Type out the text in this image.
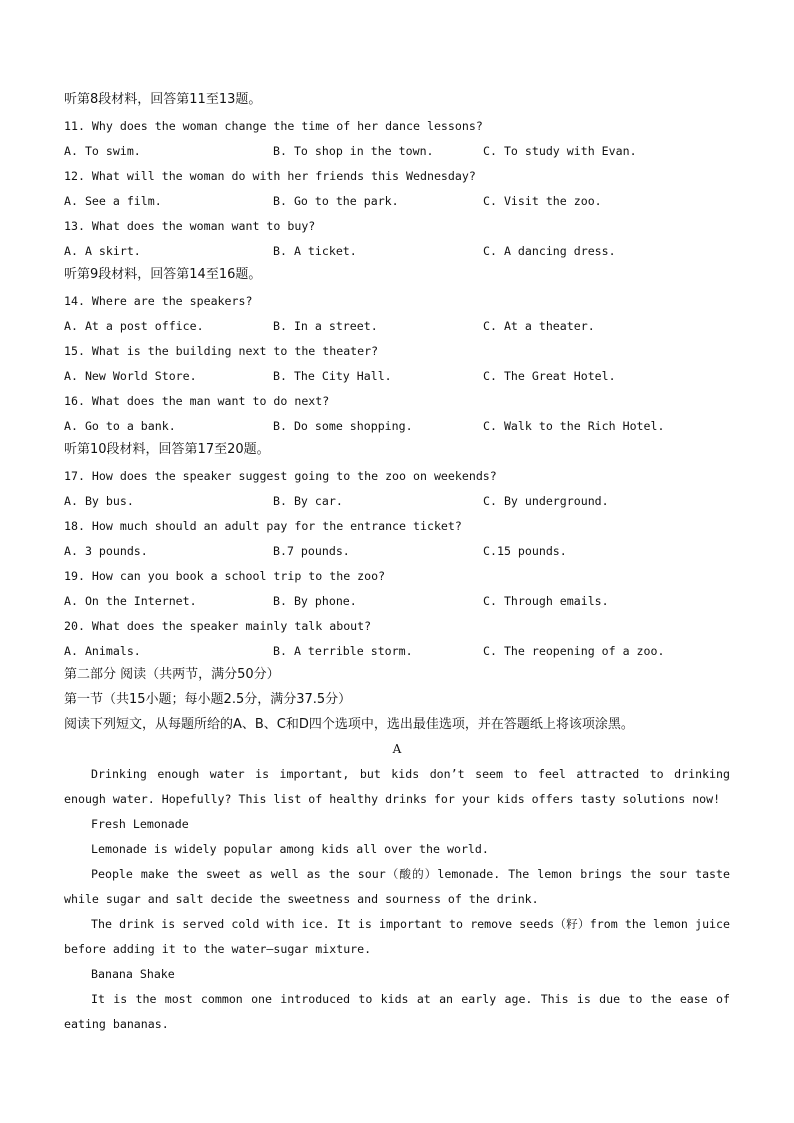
听第8段材料，回答第11至13题。
11. Why does the woman change the time of her dance lessons?
A. To swim.	B. To shop in the town.	C. To study with Evan.
12. What will the woman do with her friends this Wednesday?
A. See a film.	B. Go to the park.	C. Visit the zoo.
13. What does the woman want to buy?
A. A skirt.	B. A ticket.	C. A dancing dress.
听第9段材料，回答第14至16题。
14. Where are the speakers?
A. At a post office.	B. In a street.	C. At a theater.
15. What is the building next to the theater?
A. New World Store.	B. The City Hall.	C. The Great Hotel.
16. What does the man want to do next?
A. Go to a bank.	B. Do some shopping.	C. Walk to the Rich Hotel.
听第10段材料，回答第17至20题。
17. How does the speaker suggest going to the zoo on weekends?
A. By bus.	B. By car.	C. By underground.
18. How much should an adult pay for the entrance ticket?
A. 3 pounds.	B.7 pounds.	C.15 pounds.
19. How can you book a school trip to the zoo?
A. On the Internet.	B. By phone.	C. Through emails.
20. What does the speaker mainly talk about?
A. Animals.	B. A terrible storm.	C. The reopening of a zoo.
第二部分 阅读（共两节，满分50分）
第一节（共15小题；每小题2.5分，满分37.5分）
阅读下列短文，从每题所给的A、B、C和D四个选项中，选出最佳选项，并在答题纸上将该项涂黑。
A
Drinking enough water is important, but kids don’t seem to feel attracted to drinking enough water. Hopefully? This list of healthy drinks for your kids offers tasty solutions now!
Fresh Lemonade
Lemonade is widely popular among kids all over the world.
People make the sweet as well as the sour（酸的）lemonade. The lemon brings the sour taste while sugar and salt decide the sweetness and sourness of the drink.
The drink is served cold with ice. It is important to remove seeds（籽）from the lemon juice before adding it to the water—sugar mixture.
Banana Shake
It is the most common one introduced to kids at an early age. This is due to the ease of eating bananas.
